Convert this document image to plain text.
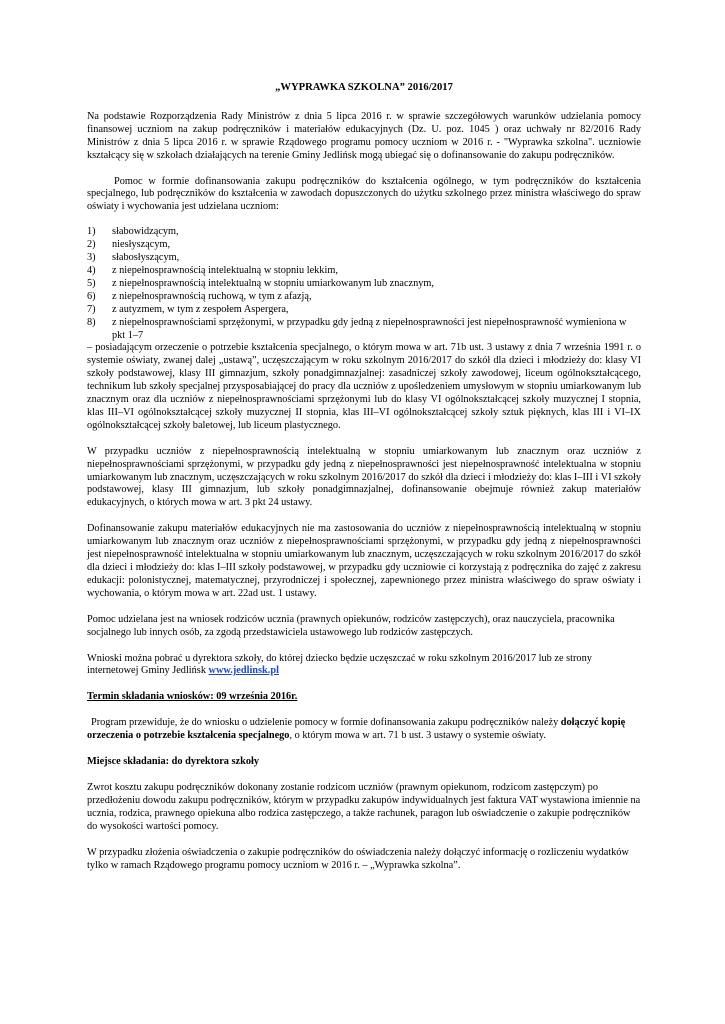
„WYPRAWKA SZKOLNA” 2016/2017

Na podstawie Rozporządzenia Rady Ministrów z dnia 5 lipca 2016 r. w sprawie szczegółowych warunków udzielania pomocy finansowej uczniom na zakup podręczników i materiałów edukacyjnych (Dz. U. poz. 1045 ) oraz uchwały nr 82/2016 Rady Ministrów z dnia 5 lipca 2016 r. w sprawie Rządowego programu pomocy uczniom w 2016 r. - "Wyprawka szkolna". uczniowie kształcący się w szkołach działających na terenie Gminy Jedlińsk mogą ubiegać się o dofinansowanie do zakupu podręczników.

Pomoc w formie dofinansowania zakupu podręczników do kształcenia ogólnego, w tym podręczników do kształcenia specjalnego, lub podręczników do kształcenia w zawodach dopuszczonych do użytku szkolnego przez ministra właściwego do spraw oświaty i wychowania jest udzielana uczniom:

1)	słabowidzącym,
2)	niesłyszącym,
3)	słabosłyszącym,
4)	z niepełnosprawnością intelektualną w stopniu lekkim,
5)	z niepełnosprawnością intelektualną w stopniu umiarkowanym lub znacznym,
6)	z niepełnosprawnością ruchową, w tym z afazją,
7)	z autyzmem, w tym z zespołem Aspergera,
8)	z niepełnosprawnościami sprzężonymi, w przypadku gdy jedną z niepełnosprawności jest niepełnosprawność wymieniona w pkt 1–7

– posiadającym orzeczenie o potrzebie kształcenia specjalnego, o którym mowa w art. 71b ust. 3 ustawy z dnia 7 września 1991 r. o systemie oświaty, zwanej dalej „ustawą”, uczęszczającym w roku szkolnym 2016/2017 do szkół dla dzieci i młodzieży do: klasy VI szkoły podstawowej, klasy III gimnazjum, szkoły ponadgimnazjalnej: zasadniczej szkoły zawodowej, liceum ogólnokształcącego, technikum lub szkoły specjalnej przysposabiającej do pracy dla uczniów z upośledzeniem umysłowym w stopniu umiarkowanym lub znacznym oraz dla uczniów z niepełnosprawnościami sprzężonymi lub do klasy VI ogólnokształcącej szkoły muzycznej I stopnia, klas III–VI ogólnokształcącej szkoły muzycznej II stopnia, klas III–VI ogólnokształcącej szkoły sztuk pięknych, klas III i VI–IX ogólnokształcącej szkoły baletowej, lub liceum plastycznego.

W przypadku uczniów z niepełnosprawnością intelektualną w stopniu umiarkowanym lub znacznym oraz uczniów z niepełnosprawnościami sprzężonymi, w przypadku gdy jedną z niepełnosprawności jest niepełnosprawność intelektualna w stopniu umiarkowanym lub znacznym, uczęszczających w roku szkolnym 2016/2017 do szkół dla dzieci i młodzieży do: klas I–III i VI szkoły podstawowej, klasy III gimnazjum, lub szkoły ponadgimnazjalnej, dofinansowanie obejmuje również zakup materiałów edukacyjnych, o których mowa w art. 3 pkt 24 ustawy.

Dofinansowanie zakupu materiałów edukacyjnych nie ma zastosowania do uczniów z niepełnosprawnością intelektualną w stopniu umiarkowanym lub znacznym oraz uczniów z niepełnosprawnościami sprzężonymi, w przypadku gdy jedną z niepełnosprawności jest niepełnosprawność intelektualna w stopniu umiarkowanym lub znacznym, uczęszczających w roku szkolnym 2016/2017 do szkół dla dzieci i młodzieży do: klas I–III szkoły podstawowej, w przypadku gdy uczniowie ci korzystają z podręcznika do zajęć z zakresu edukacji: polonistycznej, matematycznej, przyrodniczej i społecznej, zapewnionego przez ministra właściwego do spraw oświaty i wychowania, o którym mowa w art. 22ad ust. 1 ustawy.

Pomoc udzielana jest na wniosek rodziców ucznia (prawnych opiekunów, rodziców zastępczych), oraz nauczyciela, pracownika socjalnego lub innych osób, za zgodą przedstawiciela ustawowego lub rodziców zastępczych.

Wnioski można pobrać u dyrektora szkoły, do której dziecko będzie uczęszczać w roku szkolnym 2016/2017 lub ze strony internetowej Gminy Jedlińsk www.jedlinsk.pl

Termin składania wniosków: 09 września 2016r.

Program przewiduje, że do wniosku o udzielenie pomocy w formie dofinansowania zakupu podręczników należy dołączyć kopię orzeczenia o potrzebie kształcenia specjalnego, o którym mowa w art. 71 b ust. 3 ustawy o systemie oświaty.

Miejsce składania: do dyrektora szkoły

Zwrot kosztu zakupu podręczników dokonany zostanie rodzicom uczniów (prawnym opiekunom, rodzicom zastępczym) po przedłożeniu dowodu zakupu podręczników, którym w przypadku zakupów indywidualnych jest faktura VAT wystawiona imiennie na ucznia, rodzica, prawnego opiekuna albo rodzica zastępczego, a także rachunek, paragon lub oświadczenie o zakupie podręczników do wysokości wartości pomocy.

W przypadku złożenia oświadczenia o zakupie podręczników do oświadczenia należy dołączyć informację o rozliczeniu wydatków tylko w ramach Rządowego programu pomocy uczniom w 2016 r. – „Wyprawka szkolna”.
